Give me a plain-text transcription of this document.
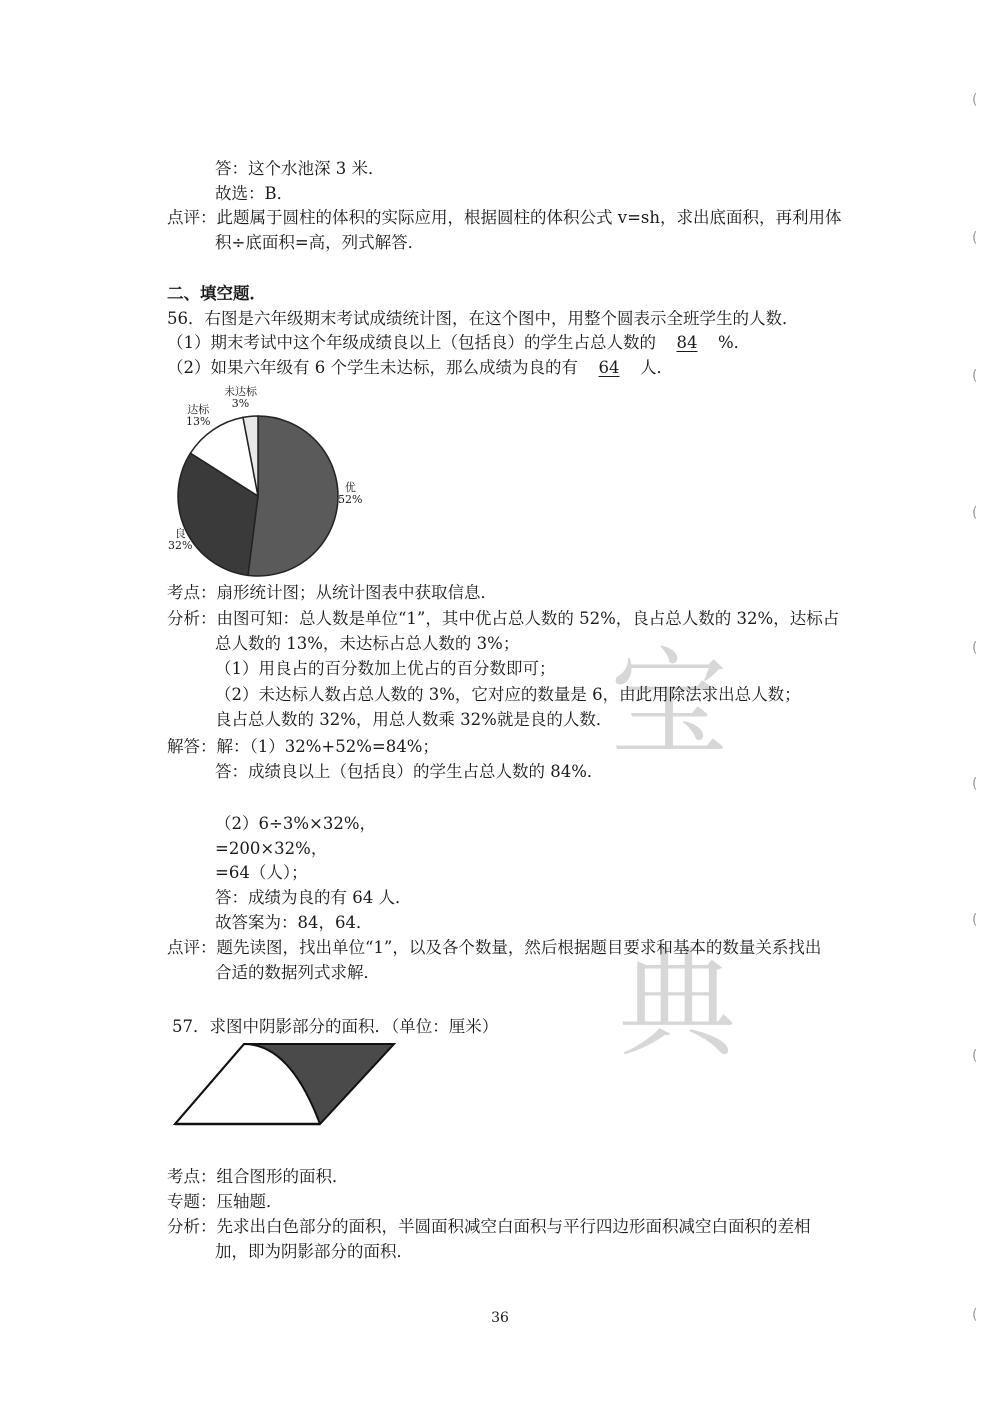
宝
典
(
(
(
(
(
(
(
(
(
答：这个水池深 3 米．
故选：B．
点评：此题属于圆柱的体积的实际应用，根据圆柱的体积公式 v=sh，求出底面积，再利用体
积÷底面积=高，列式解答．
二、填空题．
56．右图是六年级期末考试成绩统计图，在这个图中，用整个圆表示全班学生的人数．
（1）期末考试中这个年级成绩良以上（包括良）的学生占总人数的 84 %．
（2）如果六年级有 6 个学生未达标，那么成绩为良的有 64 人．
未达标
3%
达标
13%
优
52%
良
32%
考点：扇形统计图；从统计图表中获取信息．
分析：由图可知：总人数是单位“1”，其中优占总人数的 52%，良占总人数的 32%，达标占
总人数的 13%，未达标占总人数的 3%；
（1）用良占的百分数加上优占的百分数即可；
（2）未达标人数占总人数的 3%，它对应的数量是 6，由此用除法求出总人数；
良占总人数的 32%，用总人数乘 32%就是良的人数．
解答：解：（1）32%+52%=84%；
答：成绩良以上（包括良）的学生占总人数的 84%．
（2）6÷3%×32%，
=200×32%，
=64（人）；
答：成绩为良的有 64 人．
故答案为：84，64．
点评：题先读图，找出单位“1”，以及各个数量，然后根据题目要求和基本的数量关系找出
合适的数据列式求解．
57．求图中阴影部分的面积．（单位：厘米）
考点：组合图形的面积．
专题：压轴题．
分析：先求出白色部分的面积，半圆面积减空白面积与平行四边形面积减空白面积的差相
加，即为阴影部分的面积．
36
